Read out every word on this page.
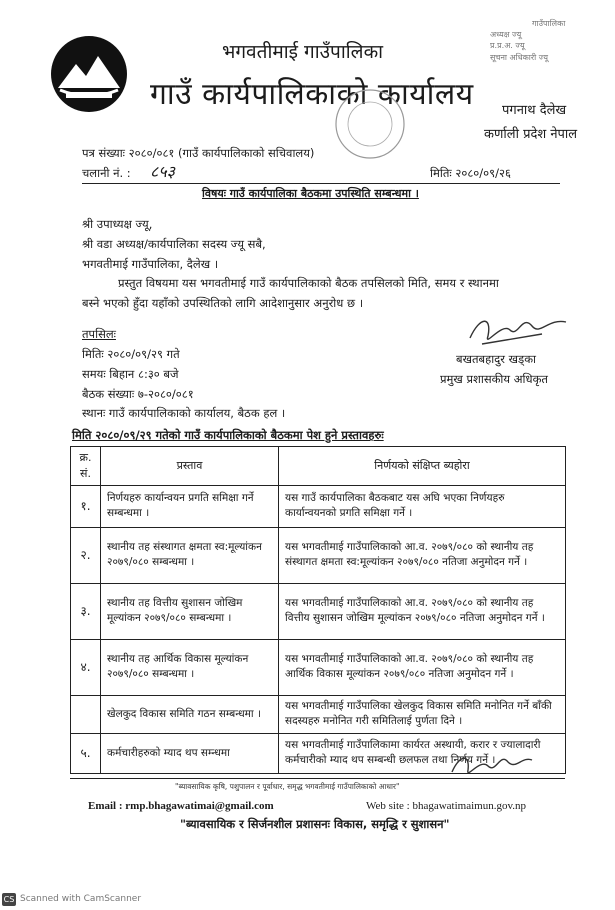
भगवतीमाई गाउँपालिका
गाउँ कार्यपालिकाको कार्यालय
गाउँपालिका
अध्यक्ष ज्यू
प्र.प्र.अ. ज्यू
सूचना अधिकारी ज्यू
पगनाथ दैलेख
कर्णाली प्रदेश नेपाल
पत्र संख्याः २०८०/०८१ (गाउँ कार्यपालिकाको सचिवालय)
चलानी नं. : ८५३	मितिः २०८०/०९/२६
विषयः गाउँ कार्यपालिका बैठकमा उपस्थिति सम्बन्धमा ।
श्री उपाध्यक्ष ज्यू,
श्री वडा अध्यक्ष/कार्यपालिका सदस्य ज्यू सबै,
भगवतीमाई गाउँपालिका, दैलेख ।
प्रस्तुत विषयमा यस भगवतीमाई गाउँ कार्यपालिकाको बैठक तपसिलको मिति, समय र स्थानमा
बस्ने भएको हुँदा यहाँको उपस्थितिको लागि आदेशानुसार अनुरोध छ ।
तपसिलः
मितिः २०८०/०९/२९ गते
समयः बिहान ८:३० बजे
बैठक संख्याः ७-२०८०/०८१
स्थानः गाउँ कार्यपालिकाको कार्यालय, बैठक हल ।
बखतबहादुर खड्का
प्रमुख प्रशासकीय अधिकृत
मिति २०८०/०९/२९ गतेको गाउँ कार्यपालिकाको बैठकमा पेश हुने प्रस्तावहरुः
क्र. सं.	प्रस्ताव	निर्णयको संक्षिप्त ब्यहोरा
१.	निर्णयहरु कार्यान्वयन प्रगति समिक्षा गर्ने सम्बन्धमा ।	यस गाउँ कार्यपालिका बैठकबाट यस अघि भएका निर्णयहरु कार्यान्वयनको प्रगति समिक्षा गर्ने ।
२.	स्थानीय तह संस्थागत क्षमता स्व:मूल्यांकन २०७९/०८० सम्बन्धमा ।	यस भगवतीमाई गाउँपालिकाको आ.व. २०७९/०८० को स्थानीय तह संस्थागत क्षमता स्व:मूल्यांकन २०७९/०८० नतिजा अनुमोदन गर्ने ।
३.	स्थानीय तह वित्तीय सुशासन जोखिम मूल्यांकन २०७९/०८० सम्बन्धमा ।	यस भगवतीमाई गाउँपालिकाको आ.व. २०७९/०८० को स्थानीय तह वित्तीय सुशासन जोखिम मूल्यांकन २०७९/०८० नतिजा अनुमोदन गर्ने ।
४.	स्थानीय तह आर्थिक विकास मूल्यांकन २०७९/०८० सम्बन्धमा ।	यस भगवतीमाई गाउँपालिकाको आ.व. २०७९/०८० को स्थानीय तह आर्थिक विकास मूल्यांकन २०७९/०८० नतिजा अनुमोदन गर्ने ।
	खेलकुद विकास समिति गठन सम्बन्धमा ।	यस भगवतीमाई गाउँपालिका खेलकुद विकास समिति मनोनित गर्ने बाँकी सदस्यहरु मनोनित गरी समितिलाई पुर्णता दिने ।
५.	कर्मचारीहरुको म्याद थप सम्न्धमा	यस भगवतीमाई गाउँपालिकामा कार्यरत अस्थायी, करार र ज्यालादारी कर्मचारीको म्याद थप सम्बन्धी छलफल तथा निर्णय गर्ने ।
"ब्यावसायिक कृषि, पशुपालन र पूर्वाधार, समृद्ध भगवतीमाई गाउँपालिकाको आधार"
Email : rmp.bhagawatimai@gmail.com	Web site : bhagawatimaimun.gov.np
"ब्यावसायिक र सिर्जनशील प्रशासनः विकास, समृद्धि र सुशासन"
CS Scanned with CamScanner
